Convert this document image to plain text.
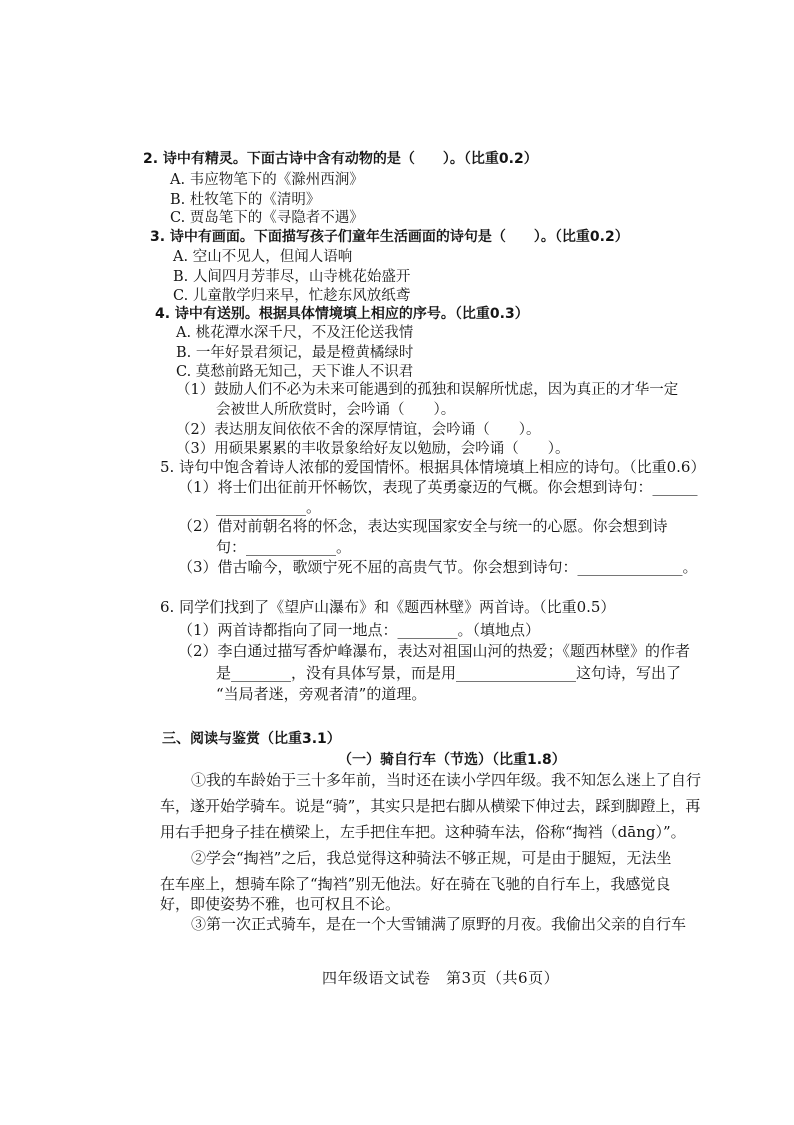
2. 诗中有精灵。下面古诗中含有动物的是（　　）。（比重0.2）
A. 韦应物笔下的《滁州西涧》
B. 杜牧笔下的《清明》
C. 贾岛笔下的《寻隐者不遇》
3. 诗中有画面。下面描写孩子们童年生活画面的诗句是（　　）。（比重0.2）
A. 空山不见人，但闻人语响
B. 人间四月芳菲尽，山寺桃花始盛开
C. 儿童散学归来早，忙趁东风放纸鸢
4. 诗中有送别。根据具体情境填上相应的序号。（比重0.3）
A. 桃花潭水深千尺，不及汪伦送我情
B. 一年好景君须记，最是橙黄橘绿时
C. 莫愁前路无知己，天下谁人不识君
（1）鼓励人们不必为未来可能遇到的孤独和误解所忧虑，因为真正的才华一定
会被世人所欣赏时，会吟诵（　　）。
（2）表达朋友间依依不舍的深厚情谊，会吟诵（　　）。
（3）用硕果累累的丰收景象给好友以勉励，会吟诵（　　）。
5. 诗句中饱含着诗人浓郁的爱国情怀。根据具体情境填上相应的诗句。（比重0.6）
（1）将士们出征前开怀畅饮，表现了英勇豪迈的气概。你会想到诗句：______
____________。
（2）借对前朝名将的怀念，表达实现国家安全与统一的心愿。你会想到诗
句：____________。
（3）借古喻今，歌颂宁死不屈的高贵气节。你会想到诗句：______________。
6. 同学们找到了《望庐山瀑布》和《题西林壁》两首诗。（比重0.5）
（1）两首诗都指向了同一地点：________。（填地点）
（2）李白通过描写香炉峰瀑布，表达对祖国山河的热爱；《题西林壁》的作者
是________，没有具体写景，而是用________________这句诗，写出了
“当局者迷，旁观者清”的道理。
三、阅读与鉴赏（比重3.1）
（一）骑自行车（节选）（比重1.8）
①我的车龄始于三十多年前，当时还在读小学四年级。我不知怎么迷上了自行
车，遂开始学骑车。说是“骑”，其实只是把右脚从横梁下伸过去，踩到脚蹬上，再
用右手把身子挂在横梁上，左手把住车把。这种骑车法，俗称“掏裆（dāng）”。
②学会“掏裆”之后，我总觉得这种骑法不够正规，可是由于腿短，无法坐
在车座上，想骑车除了“掏裆”别无他法。好在骑在飞驰的自行车上，我感觉良
好，即使姿势不雅，也可权且不论。
③第一次正式骑车，是在一个大雪铺满了原野的月夜。我偷出父亲的自行车
四年级语文试卷　第3页（共6页）
